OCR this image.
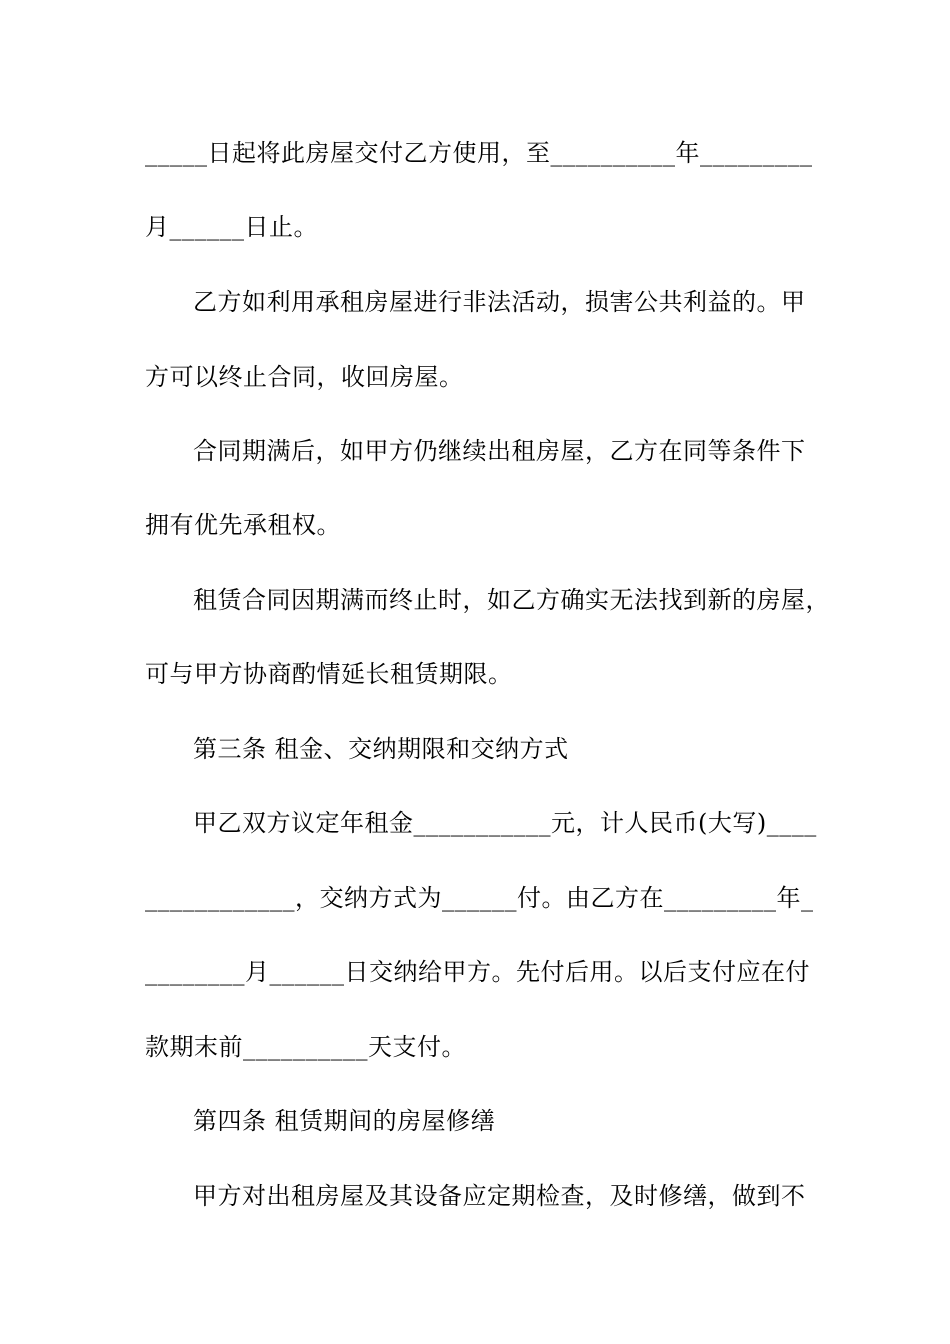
_____日起将此房屋交付乙方使用，至__________年_________
月______日止。
乙方如利用承租房屋进行非法活动，损害公共利益的。甲
方可以终止合同，收回房屋。
合同期满后，如甲方仍继续出租房屋，乙方在同等条件下
拥有优先承租权。
租赁合同因期满而终止时，如乙方确实无法找到新的房屋，
可与甲方协商酌情延长租赁期限。
第三条 租金、交纳期限和交纳方式
甲乙双方议定年租金___________元，计人民币(大写)____
____________，交纳方式为______付。由乙方在_________年_
________月______日交纳给甲方。先付后用。以后支付应在付
款期末前__________天支付。
第四条 租赁期间的房屋修缮
甲方对出租房屋及其设备应定期检查，及时修缮，做到不
